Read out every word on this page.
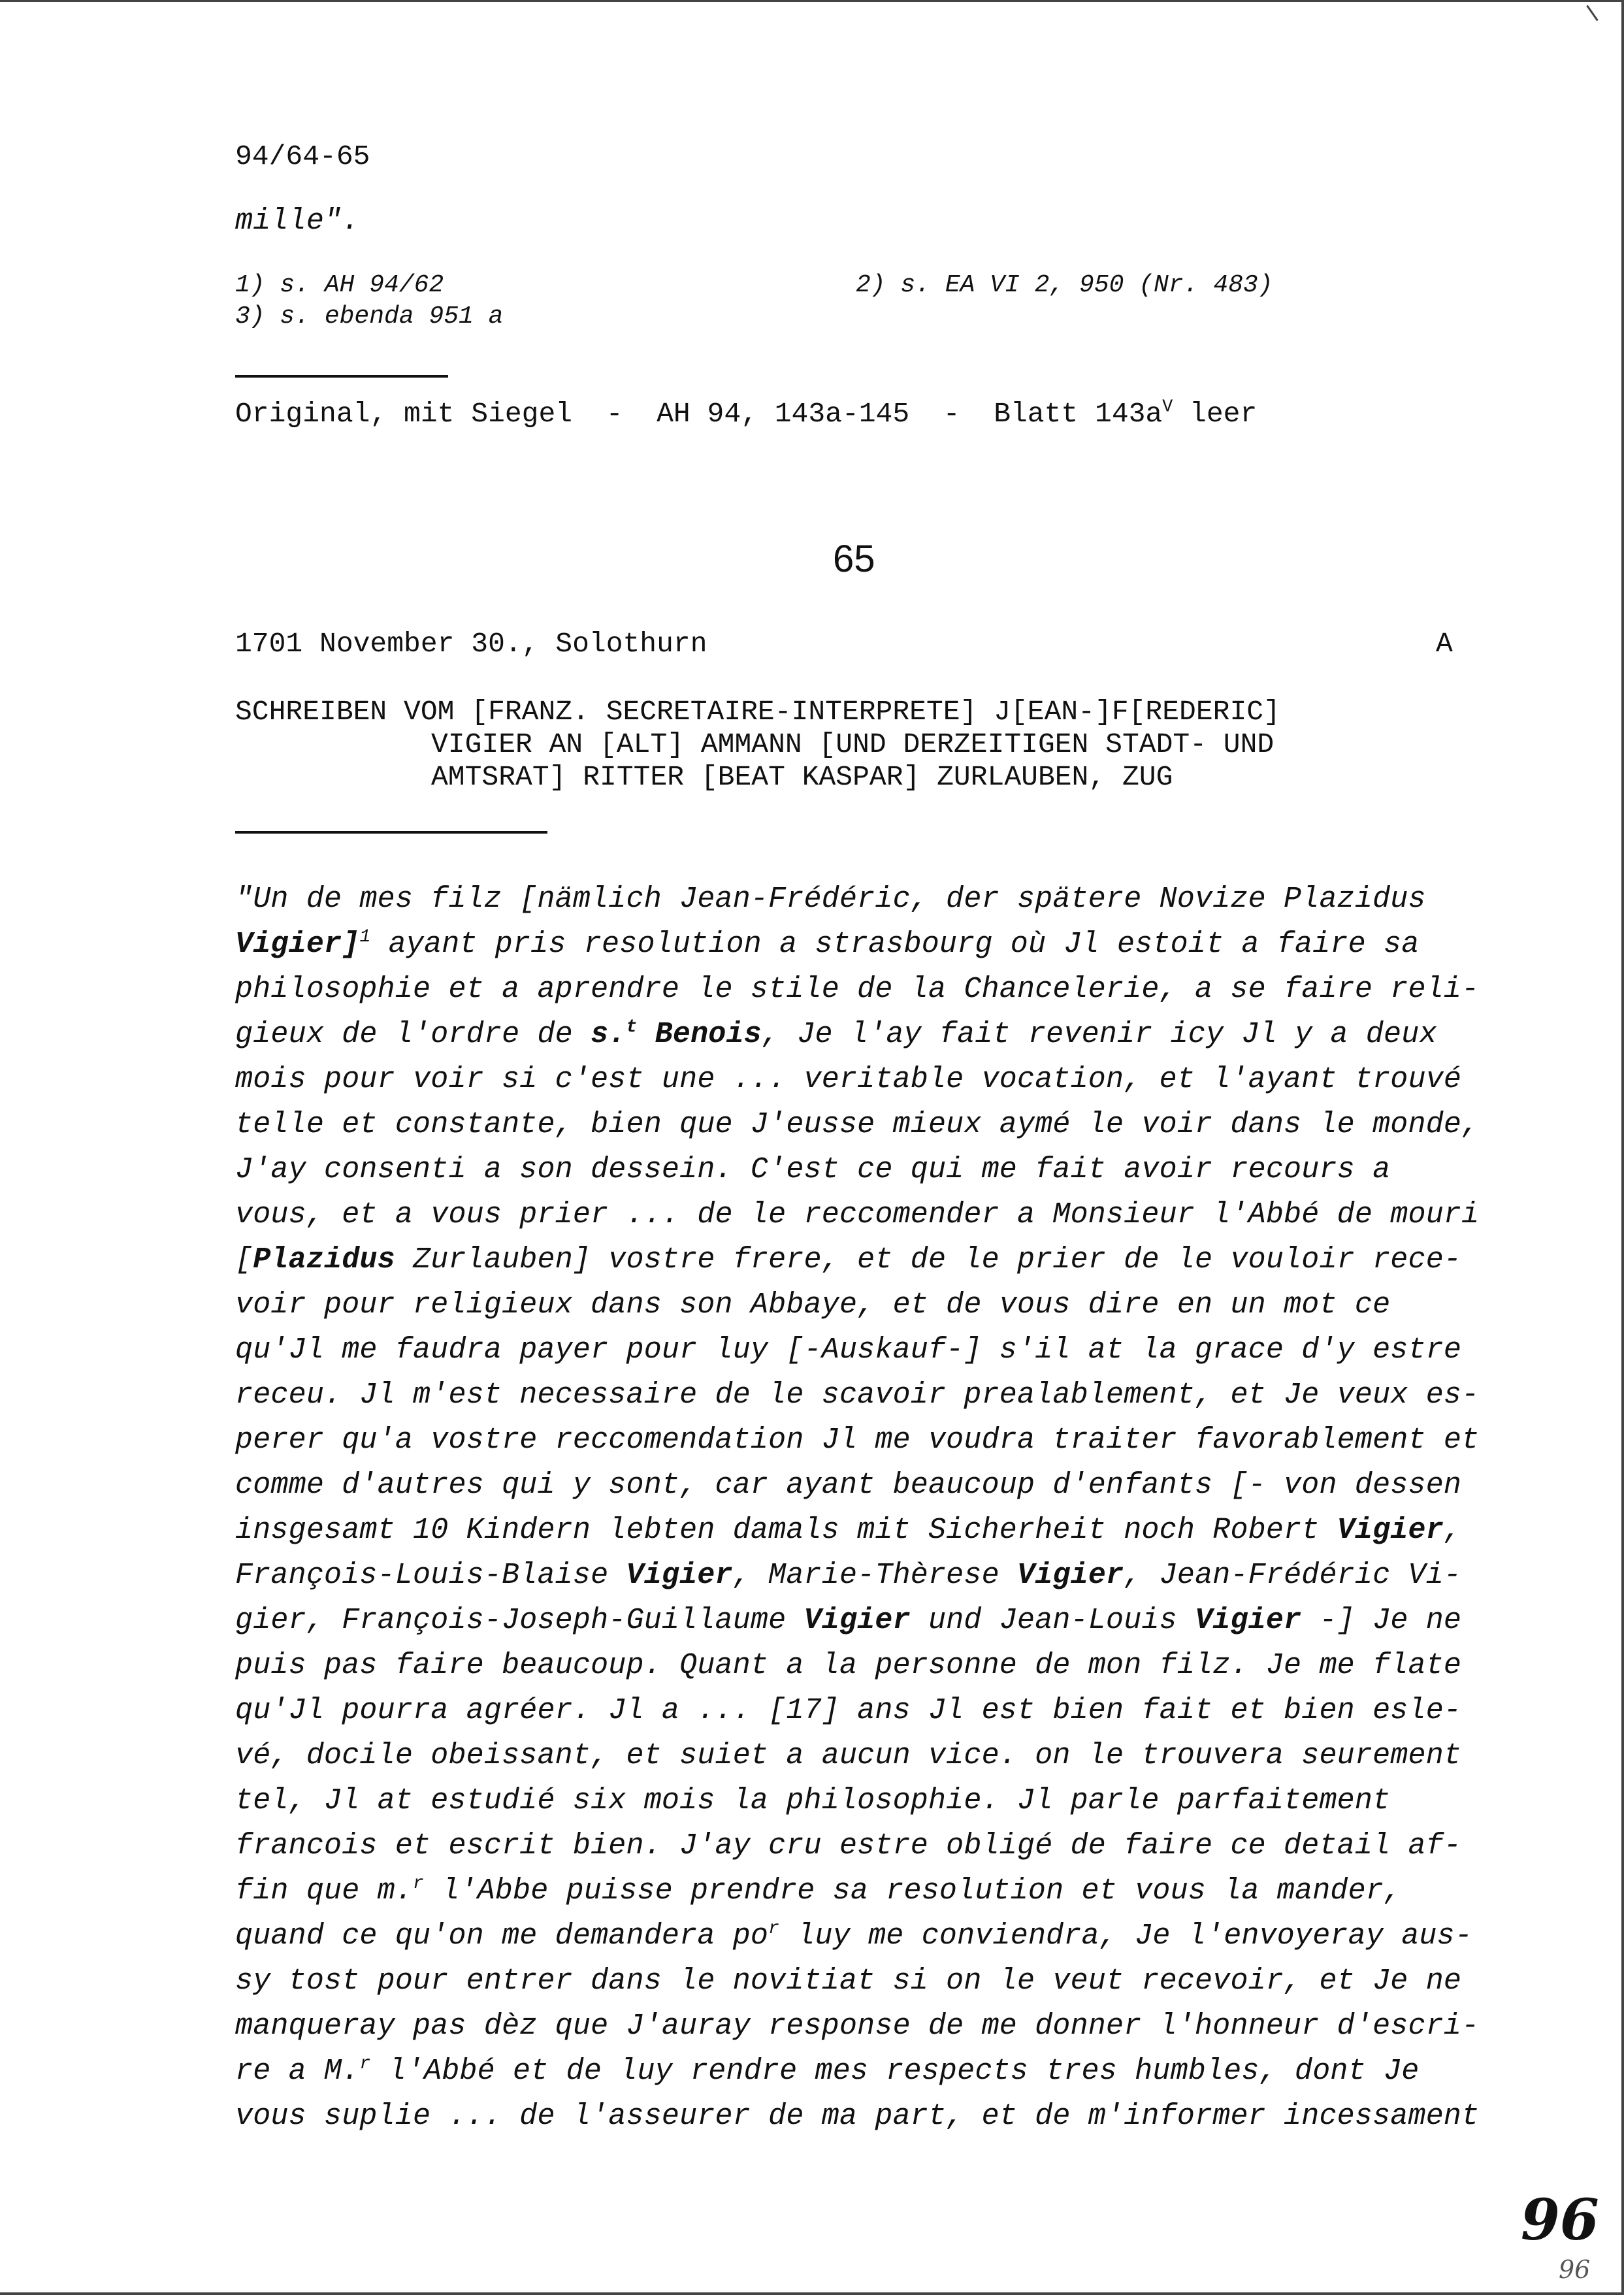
94/64-65
mille".
1) s. AH 94/62	2) s. EA VI 2, 950 (Nr. 483)
3) s. ebenda 951 a
Original, mit Siegel  -  AH 94, 143a-145  -  Blatt $143a^V$ leer
65
1701 November 30., Solothurn	A
SCHREIBEN VOM [FRANZ. SECRETAIRE-INTERPRETE] J[EAN-]F[REDERIC]
VIGIER AN [ALT] AMMANN [UND DERZEITIGEN STADT- UND
AMTSRAT] RITTER [BEAT KASPAR] ZURLAUBEN, ZUG
"Un de mes filz [nämlich Jean-Frédéric, der spätere Novize Plazidus
Vigier]$^1$ ayant pris resolution a strasbourg où Jl estoit a faire sa
philosophie et a aprendre le stile de la Chancelerie, a se faire reli-
gieux de l'ordre de s.$^t$ Benois, Je l'ay fait revenir icy Jl y a deux
mois pour voir si c'est une ... veritable vocation, et l'ayant trouvé
telle et constante, bien que J'eusse mieux aymé le voir dans le monde,
J'ay consenti a son dessein. C'est ce qui me fait avoir recours a
vous, et a vous prier ... de le reccomender a Monsieur l'Abbé de mouri
[Plazidus Zurlauben] vostre frere, et de le prier de le vouloir rece-
voir pour religieux dans son Abbaye, et de vous dire en un mot ce
qu'Jl me faudra payer pour luy [-Auskauf-] s'il at la grace d'y estre
receu. Jl m'est necessaire de le scavoir prealablement, et Je veux es-
perer qu'a vostre reccomendation Jl me voudra traiter favorablement et
comme d'autres qui y sont, car ayant beaucoup d'enfants [- von dessen
insgesamt 10 Kindern lebten damals mit Sicherheit noch Robert Vigier,
François-Louis-Blaise Vigier, Marie-Thèrese Vigier, Jean-Frédéric Vi-
gier, François-Joseph-Guillaume Vigier und Jean-Louis Vigier -] Je ne
puis pas faire beaucoup. Quant a la personne de mon filz. Je me flate
qu'Jl pourra agréer. Jl a ... [17] ans Jl est bien fait et bien esle-
vé, docile obeissant, et suiet a aucun vice. on le trouvera seurement
tel, Jl at estudié six mois la philosophie. Jl parle parfaitement
francois et escrit bien. J'ay cru estre obligé de faire ce detail af-
fin que m.$^r$ l'Abbe puisse prendre sa resolution et vous la mander,
quand ce qu'on me demandera $po^r$ luy me conviendra, Je l'envoyeray aus-
sy tost pour entrer dans le novitiat si on le veut recevoir, et Je ne
manqueray pas dèz que J'auray response de me donner l'honneur d'escri-
re a M.$^r$ l'Abbé et de luy rendre mes respects tres humbles, dont Je
vous suplie ... de l'asseurer de ma part, et de m'informer incessament
96
96
